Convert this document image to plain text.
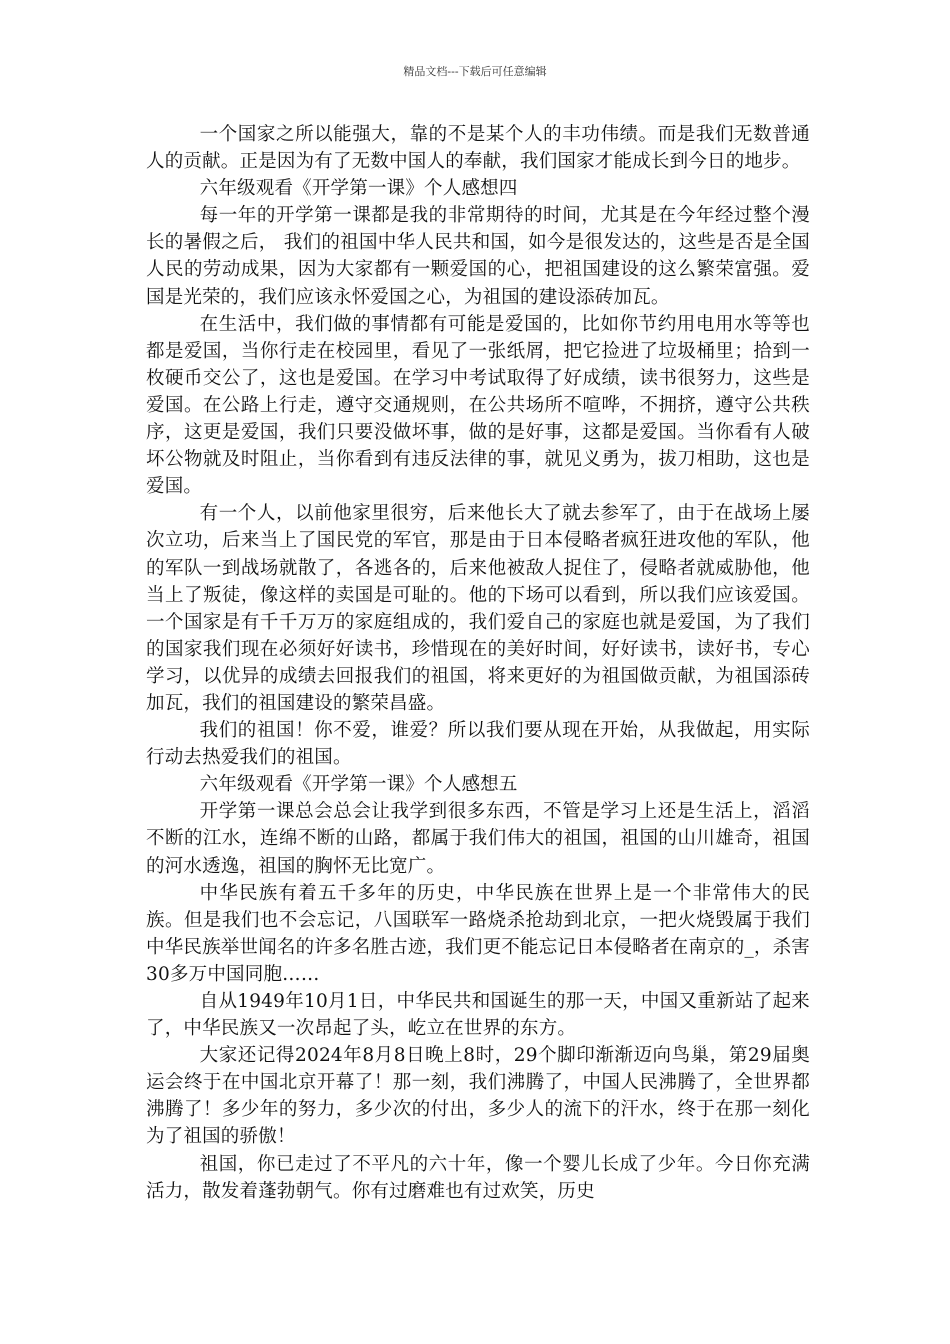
精品文档---下载后可任意编辑

一个国家之所以能强大，靠的不是某个人的丰功伟绩。而是我们无数普通人的贡献。正是因为有了无数中国人的奉献，我们国家才能成长到今日的地步。

六年级观看《开学第一课》个人感想四

每一年的开学第一课都是我的非常期待的时间，尤其是在今年经过整个漫长的暑假之后， 我们的祖国中华人民共和国，如今是很发达的，这些是否是全国人民的劳动成果，因为大家都有一颗爱国的心，把祖国建设的这么繁荣富强。爱国是光荣的，我们应该永怀爱国之心，为祖国的建设添砖加瓦。

在生活中，我们做的事情都有可能是爱国的，比如你节约用电用水等等也都是爱国，当你行走在校园里，看见了一张纸屑，把它捡进了垃圾桶里；拾到一枚硬币交公了，这也是爱国。在学习中考试取得了好成绩，读书很努力，这些是爱国。在公路上行走，遵守交通规则，在公共场所不喧哗，不拥挤，遵守公共秩序，这更是爱国，我们只要没做坏事，做的是好事，这都是爱国。当你看有人破坏公物就及时阻止，当你看到有违反法律的事，就见义勇为，拔刀相助，这也是爱国。

有一个人，以前他家里很穷，后来他长大了就去参军了，由于在战场上屡次立功，后来当上了国民党的军官，那是由于日本侵略者疯狂进攻他的军队，他的军队一到战场就散了，各逃各的，后来他被敌人捉住了，侵略者就威胁他，他当上了叛徒，像这样的卖国是可耻的。他的下场可以看到，所以我们应该爱国。一个国家是有千千万万的家庭组成的，我们爱自己的家庭也就是爱国，为了我们的国家我们现在必须好好读书，珍惜现在的美好时间，好好读书，读好书，专心学习，以优异的成绩去回报我们的祖国，将来更好的为祖国做贡献，为祖国添砖加瓦，我们的祖国建设的繁荣昌盛。

我们的祖国！你不爱，谁爱？所以我们要从现在开始，从我做起，用实际行动去热爱我们的祖国。

六年级观看《开学第一课》个人感想五

开学第一课总会总会让我学到很多东西，不管是学习上还是生活上，滔滔不断的江水，连绵不断的山路，都属于我们伟大的祖国，祖国的山川雄奇，祖国的河水透逸，祖国的胸怀无比宽广。

中华民族有着五千多年的历史，中华民族在世界上是一个非常伟大的民族。但是我们也不会忘记，八国联军一路烧杀抢劫到北京，一把火烧毁属于我们中华民族举世闻名的许多名胜古迹，我们更不能忘记日本侵略者在南京的_，杀害30多万中国同胞……

自从1949年10月1日，中华民共和国诞生的那一天，中国又重新站了起来了，中华民族又一次昂起了头，屹立在世界的东方。

大家还记得2024年8月8日晚上8时，29个脚印渐渐迈向鸟巢，第29届奥运会终于在中国北京开幕了！那一刻，我们沸腾了，中国人民沸腾了，全世界都沸腾了！多少年的努力，多少次的付出，多少人的流下的汗水，终于在那一刻化为了祖国的骄傲！

祖国，你已走过了不平凡的六十年，像一个婴儿长成了少年。今日你充满活力，散发着蓬勃朝气。你有过磨难也有过欢笑，历史
